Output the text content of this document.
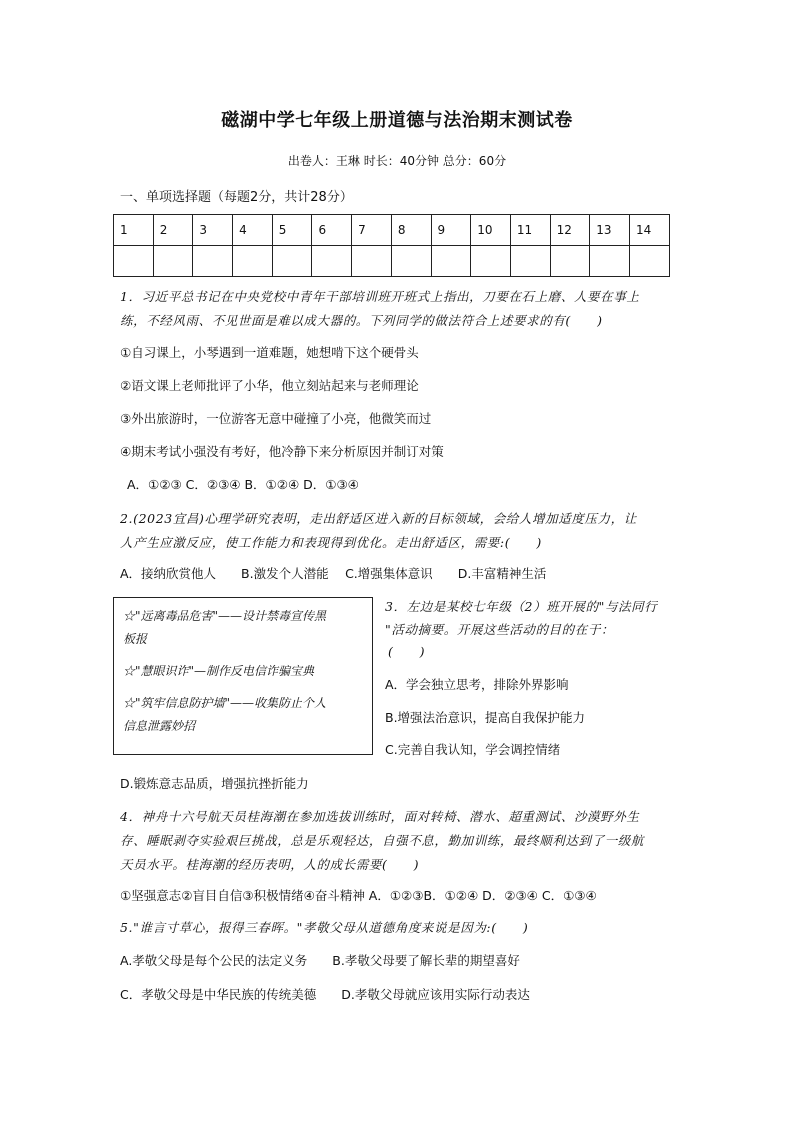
磁湖中学七年级上册道德与法治期末测试卷
出卷人：王琳 时长：40分钟 总分：60分
一、单项选择题（每题2分，共计28分）
1	2	3	4	5	6	7	8	9	10	11	12	13	14

1．习近平总书记在中央党校中青年干部培训班开班式上指出，刀要在石上磨、人要在事上
练，不经风雨、不见世面是难以成大器的。下列同学的做法符合上述要求的有(　　)
①自习课上，小琴遇到一道难题，她想啃下这个硬骨头
②语文课上老师批评了小华，他立刻站起来与老师理论
③外出旅游时，一位游客无意中碰撞了小亮，他微笑而过
④期末考试小强没有考好，他冷静下来分析原因并制订对策
A．①②③ C．②③④ B．①②④ D．①③④
2.(2023宜昌)心理学研究表明，走出舒适区进入新的目标领域，会给人增加适度压力，让
人产生应激反应，使工作能力和表现得到优化。走出舒适区，需要:(　　)
A．接纳欣赏他人　　B.激发个人潜能　 C.增强集体意识　　D.丰富精神生活
☆"远离毒品危害"——设计禁毒宣传黑
板报
☆"慧眼识诈"—制作反电信诈骗宝典
☆"筑牢信息防护墙"——收集防止个人
信息泄露妙招
3．左边是某校七年级（2）班开展的"与法同行
"活动摘要。开展这些活动的目的在于：
(　　)
A．学会独立思考，排除外界影响
B.增强法治意识，提高自我保护能力
C.完善自我认知，学会调控情绪
D.锻炼意志品质，增强抗挫折能力
4．神舟十六号航天员桂海潮在参加选拔训练时，面对转椅、潜水、超重测试、沙漠野外生
存、睡眠剥夺实验艰巨挑战，总是乐观轻达，自强不息，勤加训练，最终顺利达到了一级航
天员水平。桂海潮的经历表明，人的成长需要(　　)
①坚强意志②盲目自信③积极情绪④奋斗精神 A．①②③B．①②④ D．②③④ C．①③④
5."谁言寸草心，报得三春晖。"孝敬父母从道德角度来说是因为:(　　)
A.孝敬父母是每个公民的法定义务　　B.孝敬父母要了解长辈的期望喜好
C．孝敬父母是中华民族的传统美德　　D.孝敬父母就应该用实际行动表达
